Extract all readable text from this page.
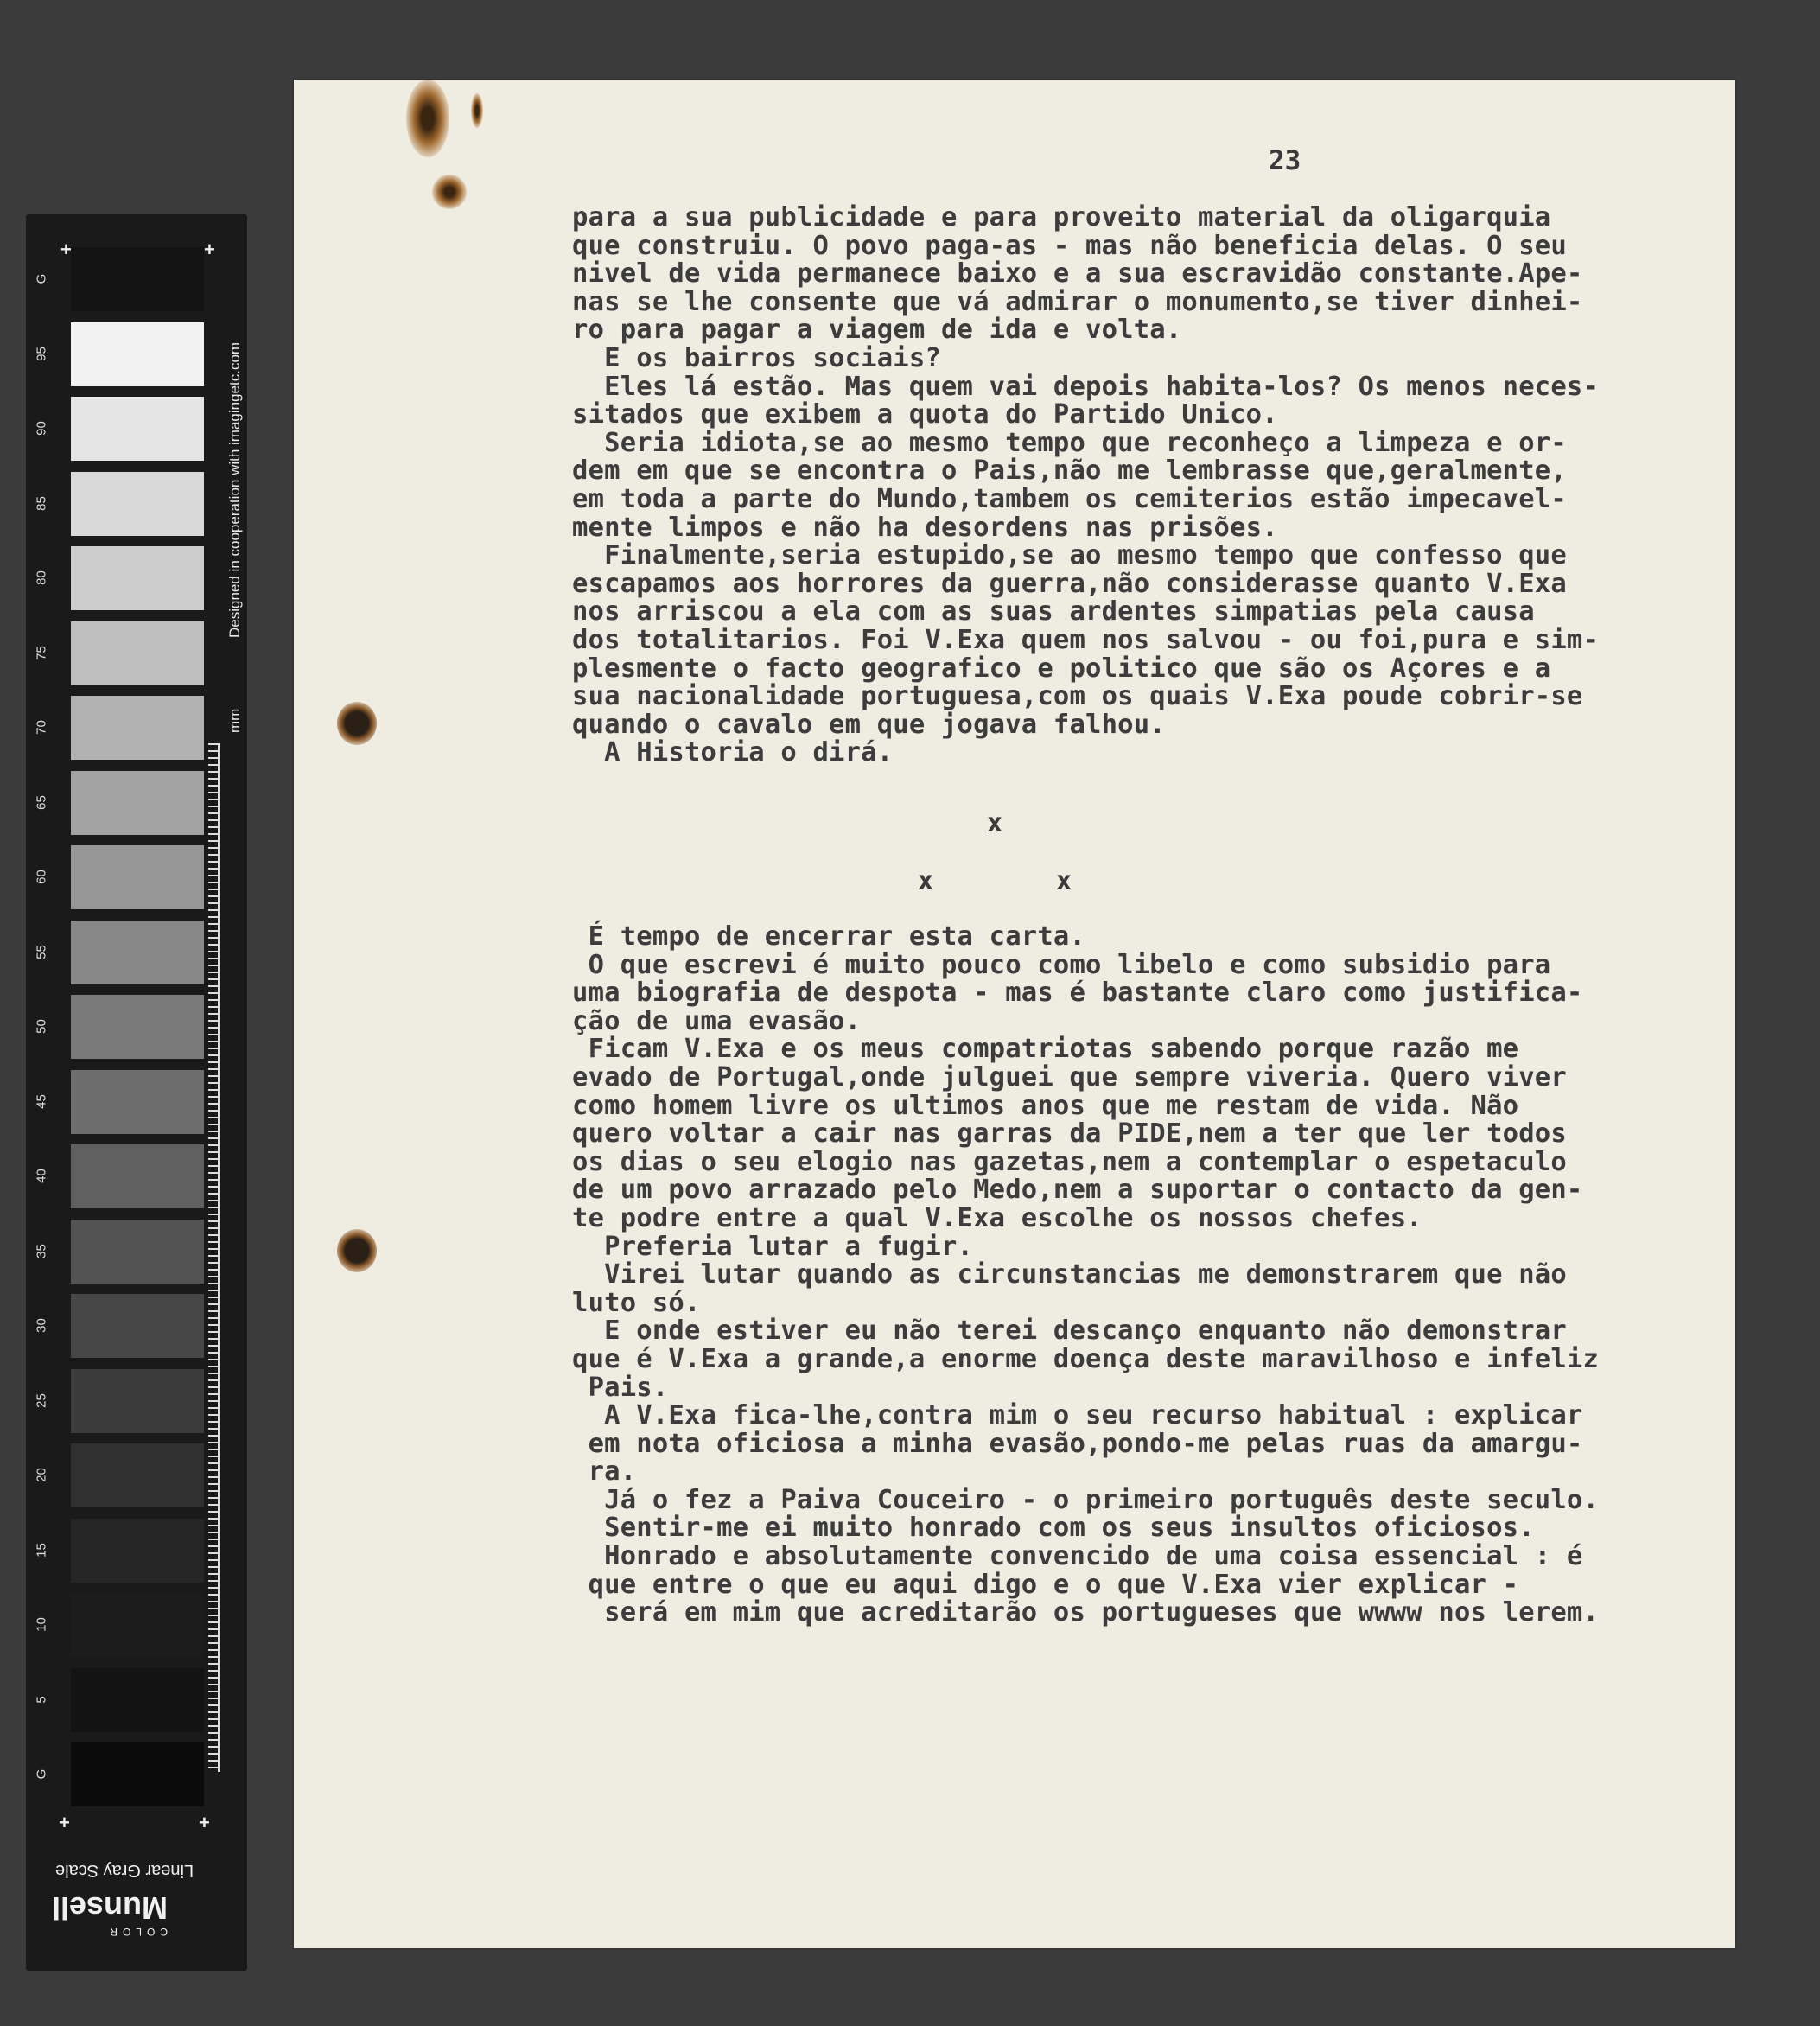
+	+
+	+
Designed in cooperation with imagingetc.com
mm
G
95
90
85
80
75
70
65
60
55
50
45
40
35
30
25
20
15
10
5
G
Linear Gray Scale
COLOR
Munsell
23
para a sua publicidade e para proveito material da oligarquia
que construiu. O povo paga-as - mas não beneficia delas. O seu
nivel de vida permanece baixo e a sua escravidão constante.Ape-
nas se lhe consente que vá admirar o monumento,se tiver dinhei-
ro para pagar a viagem de ida e volta.
E os bairros sociais?
Eles lá estão. Mas quem vai depois habita-los? Os menos neces-
sitados que exibem a quota do Partido Unico.
Seria idiota,se ao mesmo tempo que reconheço a limpeza e or-
dem em que se encontra o Pais,não me lembrasse que,geralmente,
em toda a parte do Mundo,tambem os cemiterios estão impecavel-
mente limpos e não ha desordens nas prisões.
Finalmente,seria estupido,se ao mesmo tempo que confesso que
escapamos aos horrores da guerra,não considerasse quanto V.Exa
nos arriscou a ela com as suas ardentes simpatias pela causa
dos totalitarios. Foi V.Exa quem nos salvou - ou foi,pura e sim-
plesmente o facto geografico e politico que são os Açores e a
sua nacionalidade portuguesa,com os quais V.Exa poude cobrir-se
quando o cavalo em que jogava falhou.
A Historia o dirá.
x
x	x
É tempo de encerrar esta carta.
O que escrevi é muito pouco como libelo e como subsidio para
uma biografia de despota - mas é bastante claro como justifica-
ção de uma evasão.
Ficam V.Exa e os meus compatriotas sabendo porque razão me
evado de Portugal,onde julguei que sempre viveria. Quero viver
como homem livre os ultimos anos que me restam de vida. Não
quero voltar a cair nas garras da PIDE,nem a ter que ler todos
os dias o seu elogio nas gazetas,nem a contemplar o espetaculo
de um povo arrazado pelo Medo,nem a suportar o contacto da gen-
te podre entre a qual V.Exa escolhe os nossos chefes.
Preferia lutar a fugir.
Virei lutar quando as circunstancias me demonstrarem que não
luto só.
E onde estiver eu não terei descanço enquanto não demonstrar
que é V.Exa a grande,a enorme doença deste maravilhoso e infeliz
Pais.
A V.Exa fica-lhe,contra mim o seu recurso habitual : explicar
em nota oficiosa a minha evasão,pondo-me pelas ruas da amargu-
ra.
Já o fez a Paiva Couceiro - o primeiro português deste seculo.
Sentir-me ei muito honrado com os seus insultos oficiosos.
Honrado e absolutamente convencido de uma coisa essencial : é
que entre o que eu aqui digo e o que V.Exa vier explicar -
será em mim que acreditarão os portugueses que wwww nos lerem.
